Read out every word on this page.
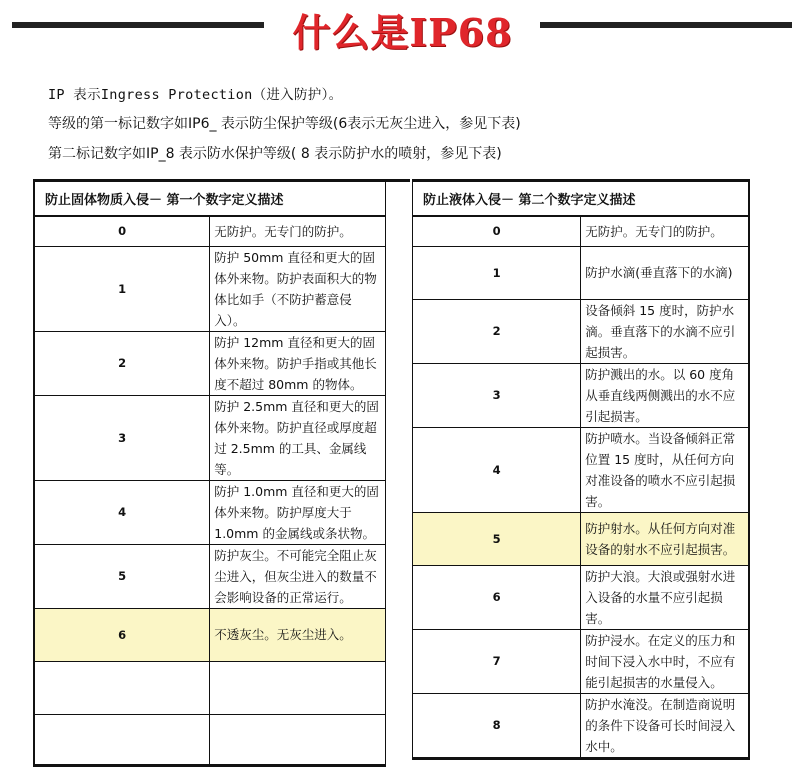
什么是IP68
IP 表示Ingress Protection（进入防护）。
等级的第一标记数字如IP6_ 表示防尘保护等级(6表示无灰尘进入，参见下表)
第二标记数字如IP_8 表示防水保护等级( 8 表示防护水的喷射，参见下表)
防止固体物质入侵－ 第一个数字定义描述	
0	无防护。无专门的防护。
1	防护 50mm 直径和更大的固体外来物。防护表面积大的物体比如手（不防护蓄意侵入）。
2	防护 12mm 直径和更大的固体外来物。防护手指或其他长度不超过 80mm 的物体。
3	防护 2.5mm 直径和更大的固体外来物。防护直径或厚度超过 2.5mm 的工具、金属线等。
4	防护 1.0mm 直径和更大的固体外来物。防护厚度大于 1.0mm 的金属线或条状物。
5	防护灰尘。不可能完全阻止灰尘进入，但灰尘进入的数量不会影响设备的正常运行。
6	不透灰尘。无灰尘进入。

防止液体入侵－ 第二个数字定义描述	
0	无防护。无专门的防护。
1	防护水滴(垂直落下的水滴)
2	设备倾斜 15 度时，防护水滴。垂直落下的水滴不应引起损害。
3	防护溅出的水。以 60 度角从垂直线两侧溅出的水不应引起损害。
4	防护喷水。当设备倾斜正常位置 15 度时，从任何方向对准设备的喷水不应引起损害。
5	防护射水。从任何方向对准设备的射水不应引起损害。
6	防护大浪。大浪或强射水进入设备的水量不应引起损害。
7	防护浸水。在定义的压力和时间下浸入水中时，不应有能引起损害的水量侵入。
8	防护水淹没。在制造商说明的条件下设备可长时间浸入水中。
